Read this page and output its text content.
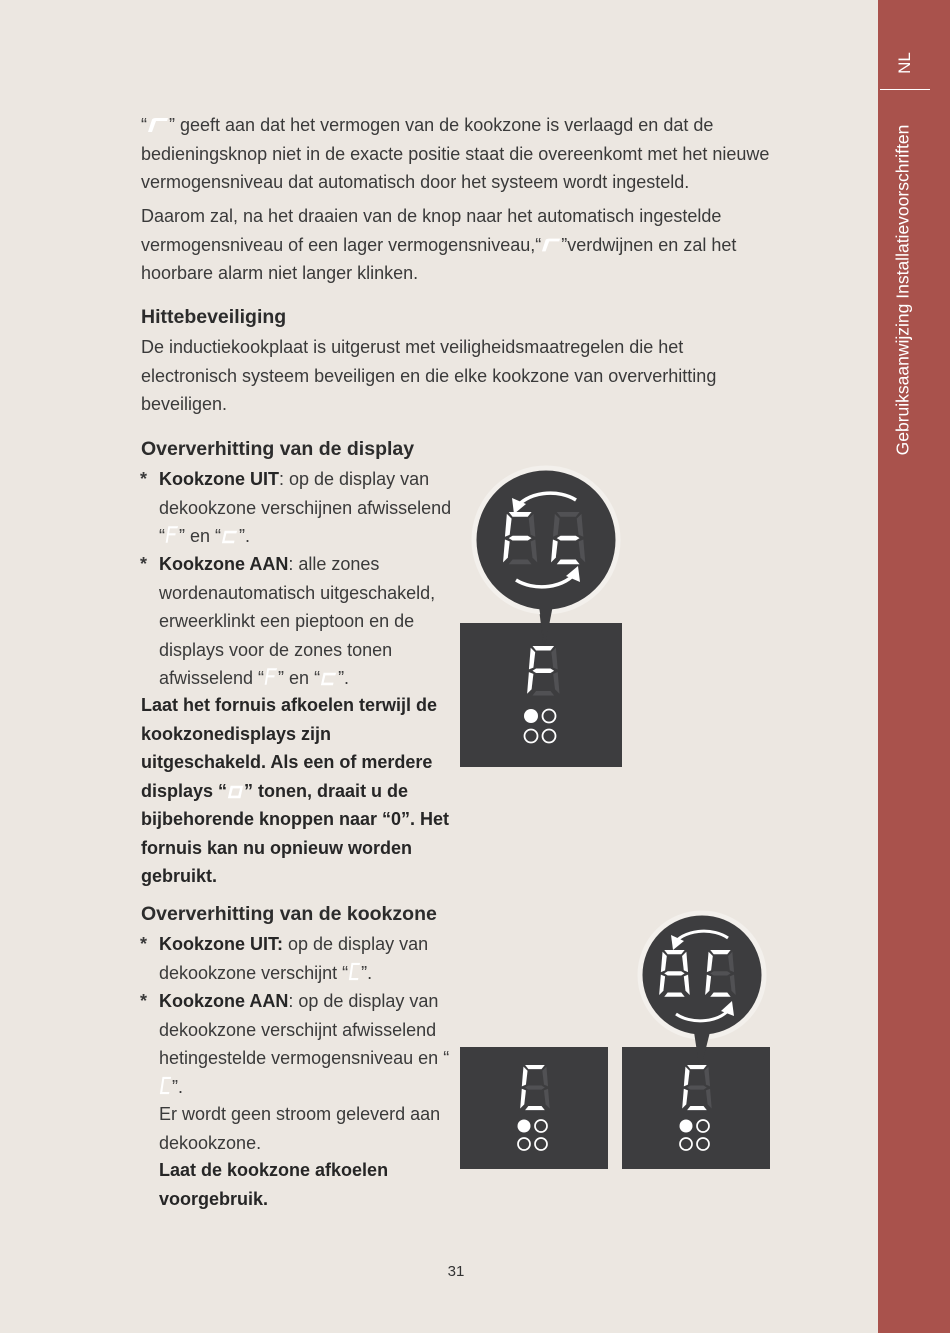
NL
Gebruiksaanwijzing Installatievoorschriften

“ ” geeft aan dat het vermogen van de kookzone is verlaagd en dat de bedieningsknop niet in de exacte positie staat die overeenkomt met het nieuwe vermogensniveau dat automatisch door het systeem wordt ingesteld.

Daarom zal, na het draaien van de knop naar het automatisch ingestelde vermogensniveau of een lager vermogensniveau,“ ”verdwijnen en zal het hoorbare alarm niet langer klinken.

Hittebeveiliging

De inductiekookplaat is uitgerust met veiligheidsmaatregelen die het electronisch systeem beveiligen en die elke kookzone van oververhitting beveiligen.

Oververhitting van de display
* Kookzone UIT: op de display van dekookzone verschijnen afwisselend “ ” en “ ”.
* Kookzone AAN: alle zones wordenautomatisch uitgeschakeld, erweerklinkt een pieptoon en de displays voor de zones tonen afwisselend “ ” en “ ”.

Laat het fornuis afkoelen terwijl de kookzonedisplays zijn uitgeschakeld. Als een of merdere displays “ ” tonen, draait u de bijbehorende knoppen naar “0”. Het fornuis kan nu opnieuw worden gebruikt.

Oververhitting van de kookzone
* Kookzone UIT: op de display van dekookzone verschijnt “ ”.
* Kookzone AAN: op de display van dekookzone verschijnt afwisselend hetingestelde vermogensniveau en “”.

Er wordt geen stroom geleverd aan dekookzone.

Laat de kookzone afkoelen voorgebruik.

31
